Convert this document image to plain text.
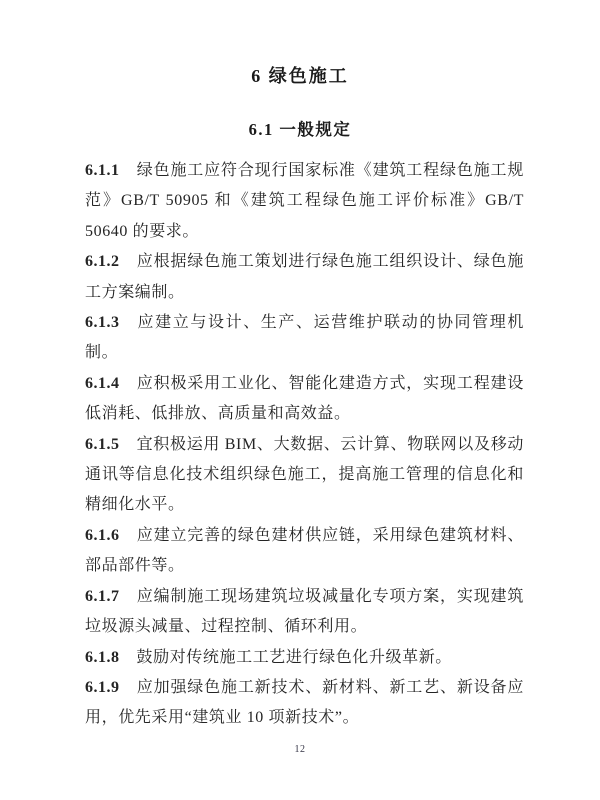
6 绿色施工
6.1 一般规定

6.1.1 绿色施工应符合现行国家标准《建筑工程绿色施工规范》GB/T 50905 和《建筑工程绿色施工评价标准》GB/T 50640 的要求。

6.1.2 应根据绿色施工策划进行绿色施工组织设计、绿色施工方案编制。

6.1.3 应建立与设计、生产、运营维护联动的协同管理机制。

6.1.4 应积极采用工业化、智能化建造方式，实现工程建设低消耗、低排放、高质量和高效益。

6.1.5 宜积极运用 BIM、大数据、云计算、物联网以及移动通讯等信息化技术组织绿色施工，提高施工管理的信息化和精细化水平。

6.1.6 应建立完善的绿色建材供应链，采用绿色建筑材料、部品部件等。

6.1.7 应编制施工现场建筑垃圾减量化专项方案，实现建筑垃圾源头减量、过程控制、循环利用。

6.1.8 鼓励对传统施工工艺进行绿色化升级革新。

6.1.9 应加强绿色施工新技术、新材料、新工艺、新设备应用，优先采用“建筑业 10 项新技术”。

12
